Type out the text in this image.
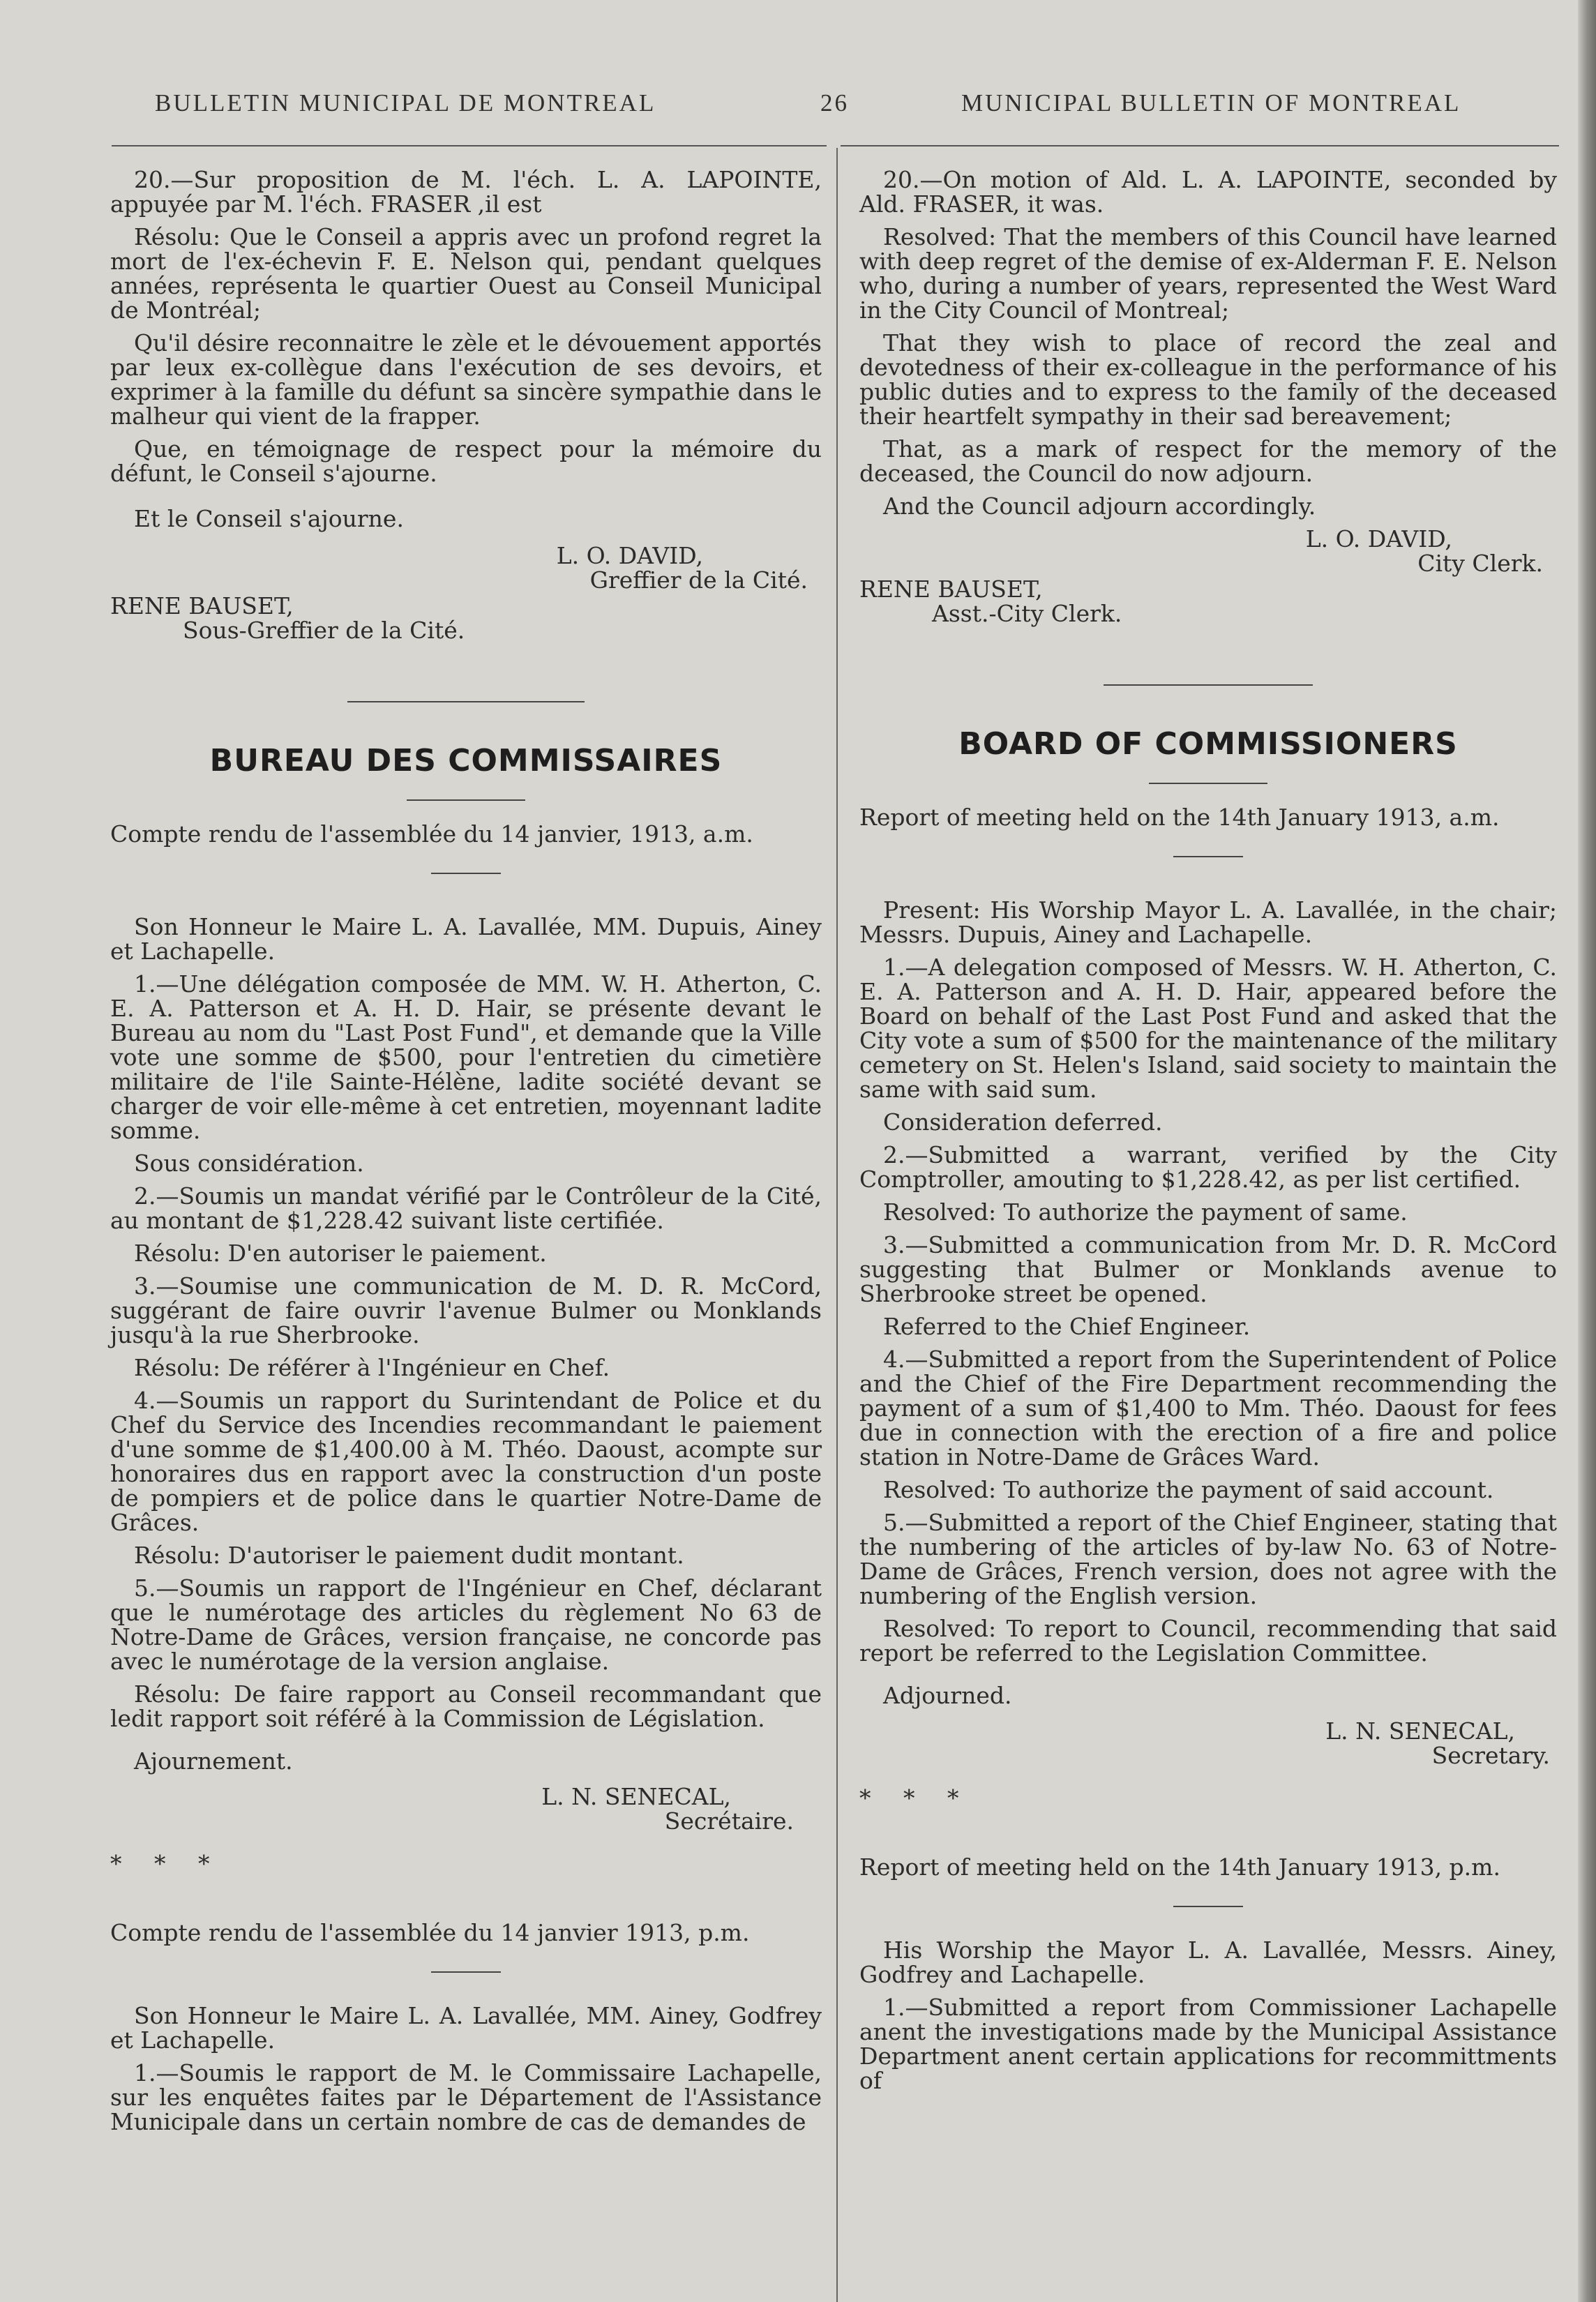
BULLETIN MUNICIPAL DE MONTREAL	26	MUNICIPAL BULLETIN OF MONTREAL

20.—Sur proposition de M. l'éch. L. A. LAPOINTE, appuyée par M. l'éch. FRASER ,il est

Résolu: Que le Conseil a appris avec un profond regret la mort de l'ex-échevin F. E. Nelson qui, pendant quelques années, représenta le quartier Ouest au Conseil Municipal de Montréal;

Qu'il désire reconnaitre le zèle et le dévouement apportés par leux ex-collègue dans l'exécution de ses devoirs, et exprimer à la famille du défunt sa sincère sympathie dans le malheur qui vient de la frapper.

Que, en témoignage de respect pour la mémoire du défunt, le Conseil s'ajourne.

Et le Conseil s'ajourne.

L. O. DAVID,
Greffier de la Cité.
RENE BAUSET,
Sous-Greffier de la Cité.
BUREAU DES COMMISSAIRES

Compte rendu de l'assemblée du 14 janvier, 1913, a.m.

Son Honneur le Maire L. A. Lavallée, MM. Dupuis, Ainey et Lachapelle.

1.—Une délégation composée de MM. W. H. Atherton, C. E. A. Patterson et A. H. D. Hair, se présente devant le Bureau au nom du "Last Post Fund", et demande que la Ville vote une somme de $500, pour l'entretien du cimetière militaire de l'ile Sainte-Hélène, ladite société devant se charger de voir elle-même à cet entretien, moyennant ladite somme.

Sous considération.

2.—Soumis un mandat vérifié par le Contrôleur de la Cité, au montant de $1,228.42 suivant liste certifiée.

Résolu: D'en autoriser le paiement.

3.—Soumise une communication de M. D. R. McCord, suggérant de faire ouvrir l'avenue Bulmer ou Monklands jusqu'à la rue Sherbrooke.

Résolu: De référer à l'Ingénieur en Chef.

4.—Soumis un rapport du Surintendant de Police et du Chef du Service des Incendies recommandant le paiement d'une somme de $1,400.00 à M. Théo. Daoust, acompte sur honoraires dus en rapport avec la construction d'un poste de pompiers et de police dans le quartier Notre-Dame de Grâces.

Résolu: D'autoriser le paiement dudit montant.

5.—Soumis un rapport de l'Ingénieur en Chef, déclarant que le numérotage des articles du règlement No 63 de Notre-Dame de Grâces, version française, ne concorde pas avec le numérotage de la version anglaise.

Résolu: De faire rapport au Conseil recommandant que ledit rapport soit référé à la Commission de Législation.

Ajournement.

L. N. SENECAL,
Secrétaire.

* * *

Compte rendu de l'assemblée du 14 janvier 1913, p.m.

Son Honneur le Maire L. A. Lavallée, MM. Ainey, Godfrey et Lachapelle.

1.—Soumis le rapport de M. le Commissaire Lachapelle, sur les enquêtes faites par le Département de l'Assistance Municipale dans un certain nombre de cas de demandes de

20.—On motion of Ald. L. A. LAPOINTE, seconded by Ald. FRASER, it was.

Resolved: That the members of this Council have learned with deep regret of the demise of ex-Alderman F. E. Nelson who, during a number of years, represented the West Ward in the City Council of Montreal;

That they wish to place of record the zeal and devotedness of their ex-colleague in the performance of his public duties and to express to the family of the deceased their heartfelt sympathy in their sad bereavement;

That, as a mark of respect for the memory of the deceased, the Council do now adjourn.

And the Council adjourn accordingly.

L. O. DAVID,
City Clerk.
RENE BAUSET,
Asst.-City Clerk.
BOARD OF COMMISSIONERS

Report of meeting held on the 14th January 1913, a.m.

Present: His Worship Mayor L. A. Lavallée, in the chair; Messrs. Dupuis, Ainey and Lachapelle.

1.—A delegation composed of Messrs. W. H. Atherton, C. E. A. Patterson and A. H. D. Hair, appeared before the Board on behalf of the Last Post Fund and asked that the City vote a sum of $500 for the maintenance of the military cemetery on St. Helen's Island, said society to maintain the same with said sum.

Consideration deferred.

2.—Submitted a warrant, verified by the City Comptroller, amouting to $1,228.42, as per list certified.

Resolved: To authorize the payment of same.

3.—Submitted a communication from Mr. D. R. McCord suggesting that Bulmer or Monklands avenue to Sherbrooke street be opened.

Referred to the Chief Engineer.

4.—Submitted a report from the Superintendent of Police and the Chief of the Fire Department recommending the payment of a sum of $1,400 to Mm. Théo. Daoust for fees due in connection with the erection of a fire and police station in Notre-Dame de Grâces Ward.

Resolved: To authorize the payment of said account.

5.—Submitted a report of the Chief Engineer, stating that the numbering of the articles of by-law No. 63 of Notre-Dame de Grâces, French version, does not agree with the numbering of the English version.

Resolved: To report to Council, recommending that said report be referred to the Legislation Committee.

Adjourned.

L. N. SENECAL,
Secretary.

* * *

Report of meeting held on the 14th January 1913, p.m.

His Worship the Mayor L. A. Lavallée, Messrs. Ainey, Godfrey and Lachapelle.

1.—Submitted a report from Commissioner Lachapelle anent the investigations made by the Municipal Assistance Department anent certain applications for recommittments of
